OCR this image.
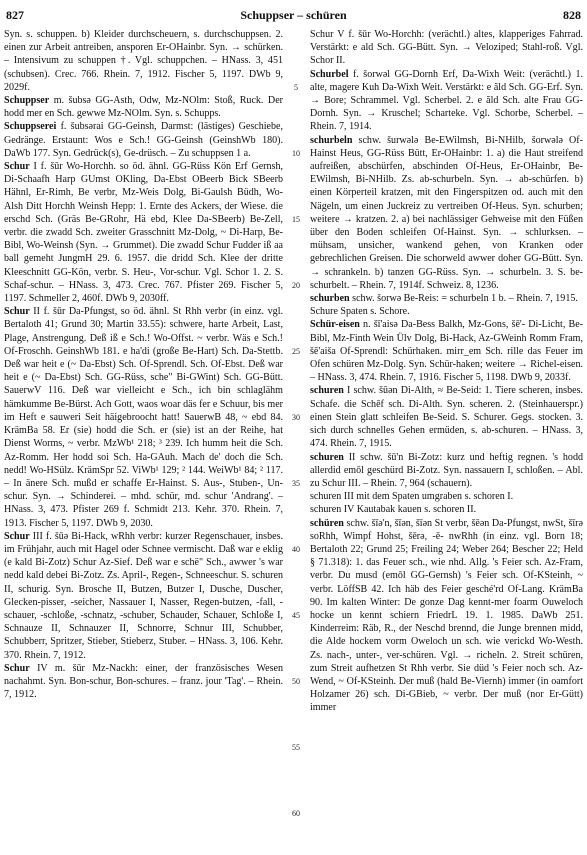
827	Schuppser – schüren	828

Syn. s. schuppen. b) Kleider durchscheuern, s. durchschuppsen. 2. einen zur Arbeit antreiben, ansporen Er-OHainbr. Syn. → schürken. – Intensivum zu schuppen †. Vgl. schuppchen. – HNass. 3, 451 (schubsen). Crec. 766. Rhein. 7, 1912. Fischer 5, 1197. DWb 9, 2029f.

Schuppser m. šubsə GG-Asth, Odw, Mz-NOlm: Stoß, Ruck. Der hodd mer en Sch. gewwe Mz-NOlm. Syn. s. Schupps.

Schuppserei f. šubsərai GG-Geinsh, Darmst: (lästiges) Geschiebe, Gedränge. Erstaunt: Wos e Sch.! GG-Geinsh (GeinshWb 180). DaWb 177. Syn. Gedrück(s), Ge-drüsch. – Zu schuppsen 1 a.

Schur I f. šūr Wo-Horchh. so öd. ähnl. GG-Rüss Kön Erf Gernsh, Di-Schaafh Harp GUmst OKling, Da-Ebst OBeerb Bick SBeerb Hähnl, Er-Rimh, Be verbr, Mz-Weis Dolg, Bi-Gaulsh Büdh, Wo-Alsh Ditt Horchh Weinsh Hepp: 1. Ernte des Ackers, der Wiese. die erschd Sch. (Gräs Be-GRohr, Hä ebd, Klee Da-SBeerb) Be-Zell, verbr. die zwadd Sch. zweiter Grasschnitt Mz-Dolg, ~ Di-Harp, Be-Bibl, Wo-Weinsh (Syn. → Grummet). Die zwadd Schur Fudder iß aa ball gemeht JungmH 29. 6. 1957. die dridd Sch. Klee der dritte Kleeschnitt GG-Kön, verbr. S. Heu-, Vor-schur. Vgl. Schor 1. 2. S. Schaf-schur. – HNass. 3, 473. Crec. 767. Pfister 269. Fischer 5, 1197. Schmeller 2, 460f. DWb 9, 2030ff.

Schur II f. šūr Da-Pfungst, so öd. ähnl. St Rhh verbr (in einz. vgl. Bertaloth 41; Grund 30; Martin 33.55): schwere, harte Arbeit, Last, Plage, Anstrengung. Deß iß e Sch.! Wo-Offst. ~ verbr. Wäs e Sch.! Of-Froschh. GeinshWb 181. e ha'di (große Be-Hart) Sch. Da-Stettb. Deß war heit e (~ Da-Ebst) Sch. Of-Sprendl. Sch. Of-Ebst. Deß war heit e (~ Da-Ebst) Sch. GG-Rüss, sche" Bi-GWint) Sch. GG-Bütt. SauerwV 116. Deß war vielleicht e Sch., ich bin schlaglähm hämkumme Be-Bürst. Ach Gott, waos woar däs fer e Schuur, bis mer im Heft e sauweri Seit häigebroocht hatt! SauerwB 48, ~ ebd 84. KrämBa 58. Er (sie) hodd die Sch. er (sie) ist an der Reihe, hat Dienst Worms, ~ verbr. MzWb¹ 218; ³ 239. Ich humm heit die Sch. Az-Romm. Her hodd soi Sch. Ha-GAuh. Mach de' doch die Sch. nedd! Wo-HSülz. KrämSpr 52. ViWb¹ 129; ² 144. WeiWb¹ 84; ² 117. – In änere Sch. mußd er schaffe Er-Hainst. S. Aus-, Stuben-, Un-schur. Syn. → Schinderei. – mhd. schür, md. schur 'Andrang'. – HNass. 3, 473. Pfister 269 f. Schmidt 213. Kehr. 370. Rhein. 7, 1913. Fischer 5, 1197. DWb 9, 2030.

Schur III f. šūə Bi-Hack, wRhh verbr: kurzer Regenschauer, insbes. im Frühjahr, auch mit Hagel oder Schnee vermischt. Daß war e eklig (e kald Bi-Zotz) Schur Az-Sief. Deß war e schë" Sch., awwer 's war nedd kald debei Bi-Zotz. Zs. April-, Regen-, Schneeschur. S. schuren II, schurig. Syn. Brosche II, Butzen, Butzer I, Dusche, Duscher, Glecken-pisser, -seicher, Nassauer I, Nasser, Regen-butzen, -fall, -schauer, -schloße, -schnatz, -schuber, Schauder, Schauer, Schloße I, Schnauze II, Schnauzer II, Schnorre, Schnur III, Schubber, Schubberr, Spritzer, Stieber, Stieberz, Stuber. – HNass. 3, 106. Kehr. 370. Rhein. 7, 1912.

Schur IV m. šūr Mz-Nackh: einer, der französisches Wesen nachahmt. Syn. Bon-schur, Bon-schures. – franz. jour 'Tag'. – Rhein. 7, 1912.

5
10
15
20
25
30
35
40
45
50
55
60

Schur V f. šūr Wo-Horchh: (verächtl.) altes, klapperiges Fahrrad. Verstärkt: e ald Sch. GG-Bütt. Syn. → Veloziped; Stahl-roß. Vgl. Schor II.

Schurbel f. šorwəl GG-Dornh Erf, Da-Wixh Weit: (verächtl.) 1. alte, magere Kuh Da-Wixh Weit. Verstärkt: e ăld Sch. GG-Erf. Syn. → Bore; Schrammel. Vgl. Scherbel. 2. e ăld Sch. alte Frau GG-Dornh. Syn. → Kruschel; Scharteke. Vgl. Schorbe, Scherbel. – Rhein. 7, 1914.

schurbeln schw. šurwələ Be-EWilmsh, Bi-NHilb, šorwələ Of-Hainst Heus, GG-Rüss Bütt, Er-OHainbr: 1. a) die Haut streifend aufreißen, abschürfen, abschinden Of-Heus, Er-OHainbr, Be-EWilmsh, Bi-NHilb. Zs. ab-schurbeln. Syn. → ab-schürfen. b) einen Körperteil kratzen, mit den Fingerspitzen od. auch mit den Nägeln, um einen Juckreiz zu vertreiben Of-Heus. Syn. schurben; weitere → kratzen. 2. a) bei nachlässiger Gehweise mit den Füßen über den Boden schleifen Of-Hainst. Syn. → schlurksen. – mühsam, unsicher, wankend gehen, von Kranken oder gebrechlichen Greisen. Die schorweld awwer doher GG-Bütt. Syn. → schrankeln. b) tanzen GG-Rüss. Syn. → schurbeln. 3. S. be-schurbelt. – Rhein. 7, 1914f. Schweiz. 8, 1236.

schurben schw. šorwə Be-Reis: = schurbeln 1 b. – Rhein. 7, 1915.

Schure Spaten s. Schore.

Schür-eisen n. šī'aisə Da-Bess Balkh, Mz-Gons, šē'- Di-Licht, Be-Bibl, Mz-Finth Wein Ülv Dolg, Bi-Hack, Az-GWeinh Romm Fram, šē'aiša Of-Sprendl: Schürhaken. mirr_em Sch. rille das Feuer im Ofen schüren Mz-Dolg. Syn. Schür-haken; weitere → Richel-eisen. – HNass. 3, 474. Rhein. 7, 1916. Fischer 5, 1198. DWb 9, 2033f.

schuren I schw. šūən Di-Alth, ≈ Be-Seid: 1. Tiere scheren, insbes. Schafe. die Schēf sch. Di-Alth. Syn. scheren. 2. (Steinhauerspr.) einen Stein glatt schleifen Be-Seid. S. Schurer. Gegs. stocken. 3. sich durch schnelles Gehen ermüden, s. ab-schuren. – HNass. 3, 474. Rhein. 7, 1915.

schuren II schw. šū'n Bi-Zotz: kurz und heftig regnen. 's hodd allerdid emōl geschürd Bi-Zotz. Syn. nassauern I, schloßen. – Abl. zu Schur III. – Rhein. 7, 964 (schauern).

schuren III mit dem Spaten umgraben s. schoren I.

schuren IV Kautabak kauen s. schoren II.

schüren schw. šīə'n, šīən, šīən St verbr, šēən Da-Pfungst, nwSt, šīrə soRhh, Wimpf Hohst, šērə, -ē- nwRhh (in einz. vgl. Born 18; Bertaloth 22; Grund 25; Freiling 24; Weber 264; Bescher 22; Held § 71.318): 1. das Feuer sch., wie nhd. Allg. 's Feier sch. Az-Fram, verbr. Du musd (emōl GG-Gernsh) 's Feier sch. Of-KSteinh, ~ verbr. LöffSB 42. Ich häb des Feier gesché'rd Of-Lang. KrämBa 90. Im kalten Winter: De gonze Dag kennt-mer foarm Ouweloch hocke un kennt schiern FriedrL 19. 1. 1985. DaWb 251. Kinderreim: Räb, R., der Neschd brennd, die Junge brennen midd, die Alde hockem vorm Oweloch un sch. wie verickd Wo-Westh. Zs. nach-, unter-, ver-schüren. Vgl. → richeln. 2. Streit schüren, zum Streit aufhetzen St Rhh verbr. Sie düd 's Feier noch sch. Az-Wend, ~ Of-KSteinh. Der muß (hald Be-Viernh) immer (in oamfort Holzamer 26) sch. Di-GBieb, ~ verbr. Der muß (nor Er-Gütt) immer
